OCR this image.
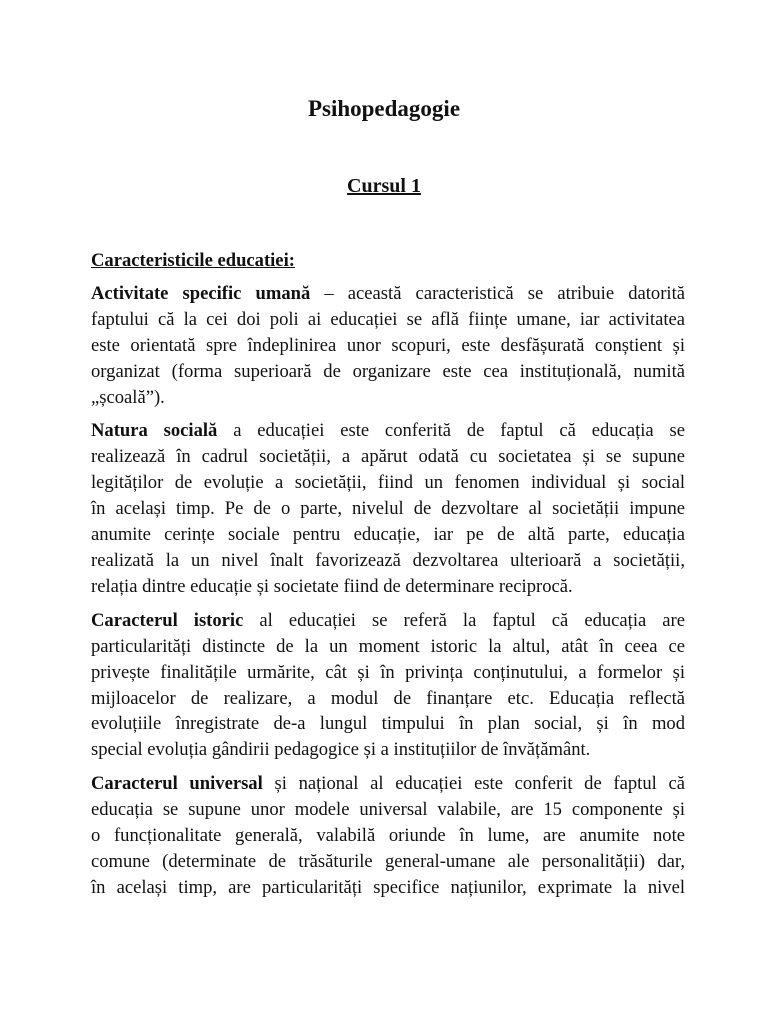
Psihopedagogie
Cursul 1
Caracteristicile educatiei:
Activitate specific umană – această caracteristică se atribuie datorită
faptului că la cei doi poli ai educației se află ființe umane, iar activitatea
este orientată spre îndeplinirea unor scopuri, este desfășurată conștient și
organizat (forma superioară de organizare este cea instituțională, numită
„școală”).
Natura socială a educației este conferită de faptul că educația se
realizează în cadrul societății, a apărut odată cu societatea și se supune
legităților de evoluție a societății, fiind un fenomen individual și social
în același timp. Pe de o parte, nivelul de dezvoltare al societății impune
anumite cerințe sociale pentru educație, iar pe de altă parte, educația
realizată la un nivel înalt favorizează dezvoltarea ulterioară a societății,
relația dintre educație și societate fiind de determinare reciprocă.
Caracterul istoric al educației se referă la faptul că educația are
particularități distincte de la un moment istoric la altul, atât în ceea ce
privește finalitățile urmărite, cât și în privința conținutului, a formelor și
mijloacelor de realizare, a modul de finanțare etc. Educația reflectă
evoluțiile înregistrate de-a lungul timpului în plan social, și în mod
special evoluția gândirii pedagogice și a instituțiilor de învățământ.
Caracterul universal și național al educației este conferit de faptul că
educația se supune unor modele universal valabile, are 15 componente și
o funcționalitate generală, valabilă oriunde în lume, are anumite note
comune (determinate de trăsăturile general-umane ale personalității) dar,
în același timp, are particularități specifice națiunilor, exprimate la nivel
